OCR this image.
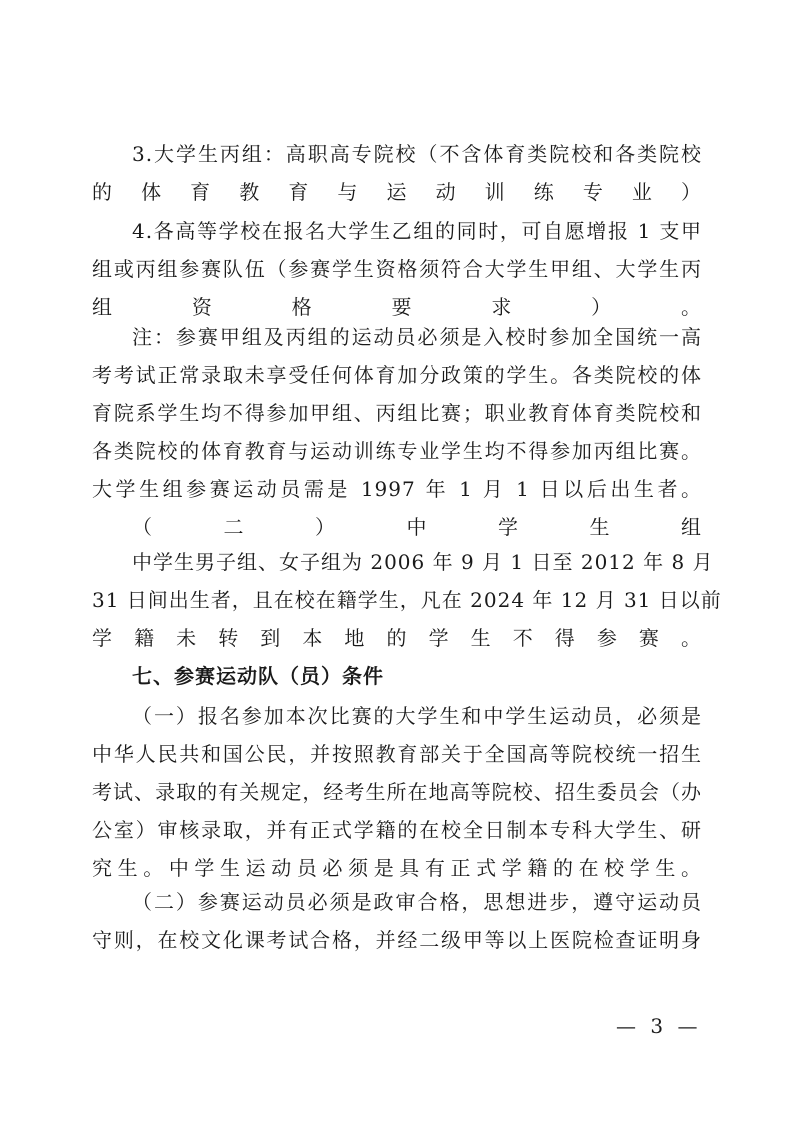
3.大学生丙组：高职高专院校（不含体育类院校和各类院校
的体育教育与运动训练专业）
4.各高等学校在报名大学生乙组的同时，可自愿增报 1 支甲
组或丙组参赛队伍（参赛学生资格须符合大学生甲组、大学生丙
组资格要求）。
注：参赛甲组及丙组的运动员必须是入校时参加全国统一高
考考试正常录取未享受任何体育加分政策的学生。各类院校的体
育院系学生均不得参加甲组、丙组比赛；职业教育体育类院校和
各类院校的体育教育与运动训练专业学生均不得参加丙组比赛。
大学生组参赛运动员需是 1997 年 1 月 1 日以后出生者。
（二）中学生组
中学生男子组、女子组为 2006 年 9 月 1 日至 2012 年 8 月
31 日间出生者，且在校在籍学生，凡在 2024 年 12 月 31 日以前
学籍未转到本地的学生不得参赛。
七、参赛运动队（员）条件
（一）报名参加本次比赛的大学生和中学生运动员，必须是
中华人民共和国公民，并按照教育部关于全国高等院校统一招生
考试、录取的有关规定，经考生所在地高等院校、招生委员会（办
公室）审核录取，并有正式学籍的在校全日制本专科大学生、研
究生。中学生运动员必须是具有正式学籍的在校学生。
（二）参赛运动员必须是政审合格，思想进步，遵守运动员
守则，在校文化课考试合格，并经二级甲等以上医院检查证明身
— 3 —
